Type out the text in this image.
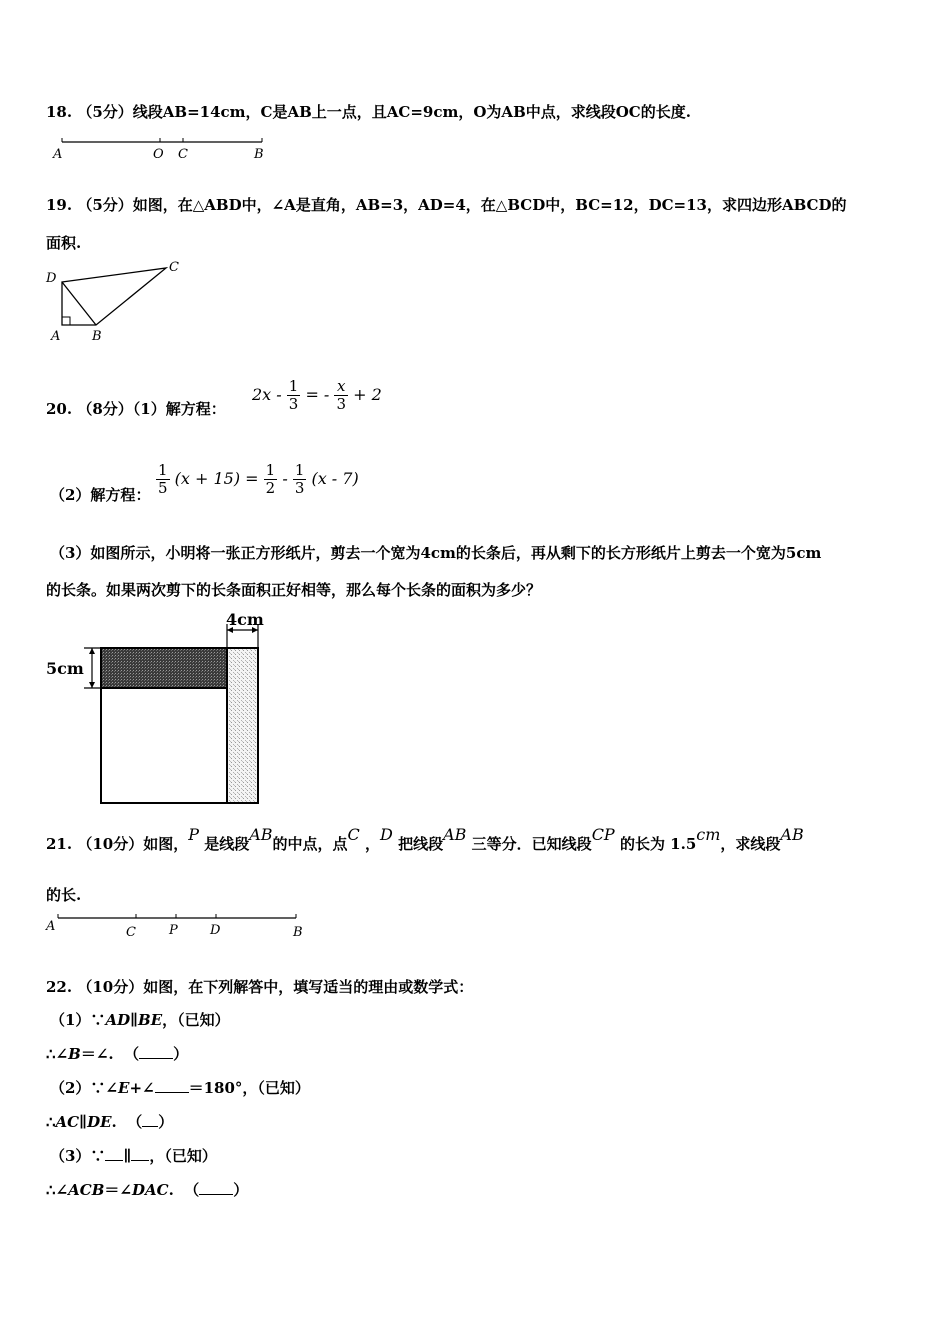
18. （5分）线段AB=14cm，C是AB上一点，且AC=9cm，O为AB中点，求线段OC的长度.
A	O C	B
19. （5分）如图，在△ABD中，∠A是直角，AB=3，AD=4，在△BCD中，BC=12，DC=13，求四边形ABCD的
面积.
D
C
A B
20. （8分）（1）解方程：
$2x - \frac{1}{3}$ = - $\frac{x}{3} + 2$
（2）解方程： $\frac{1}{5} (x + 15) = \frac{1}{2} - \frac{1}{3} (x - 7)$
（3）如图所示，小明将一张正方形纸片，剪去一个宽为4cm的长条后，再从剩下的长方形纸片上剪去一个宽为5cm
的长条。如果两次剪下的长条面积正好相等，那么每个长条的面积为多少？
4cm
5cm
21. （10分）如图，P 是线段AB的中点，点C ，D 把线段AB 三等分．已知线段CP 的长为 1.5cm，求线段AB
的长.
A	C	P D	B
22. （10分）如图，在下列解答中，填写适当的理由或数学式：
（1）∵AD∥BE，（已知）
∴∠B＝∠. （ ）
（2）∵∠E+∠ ＝180°，（已知）
∴AC∥DE. （ ）
（3）∵ ∥ ，（已知）
∴∠ACB＝∠DAC. （ ）
